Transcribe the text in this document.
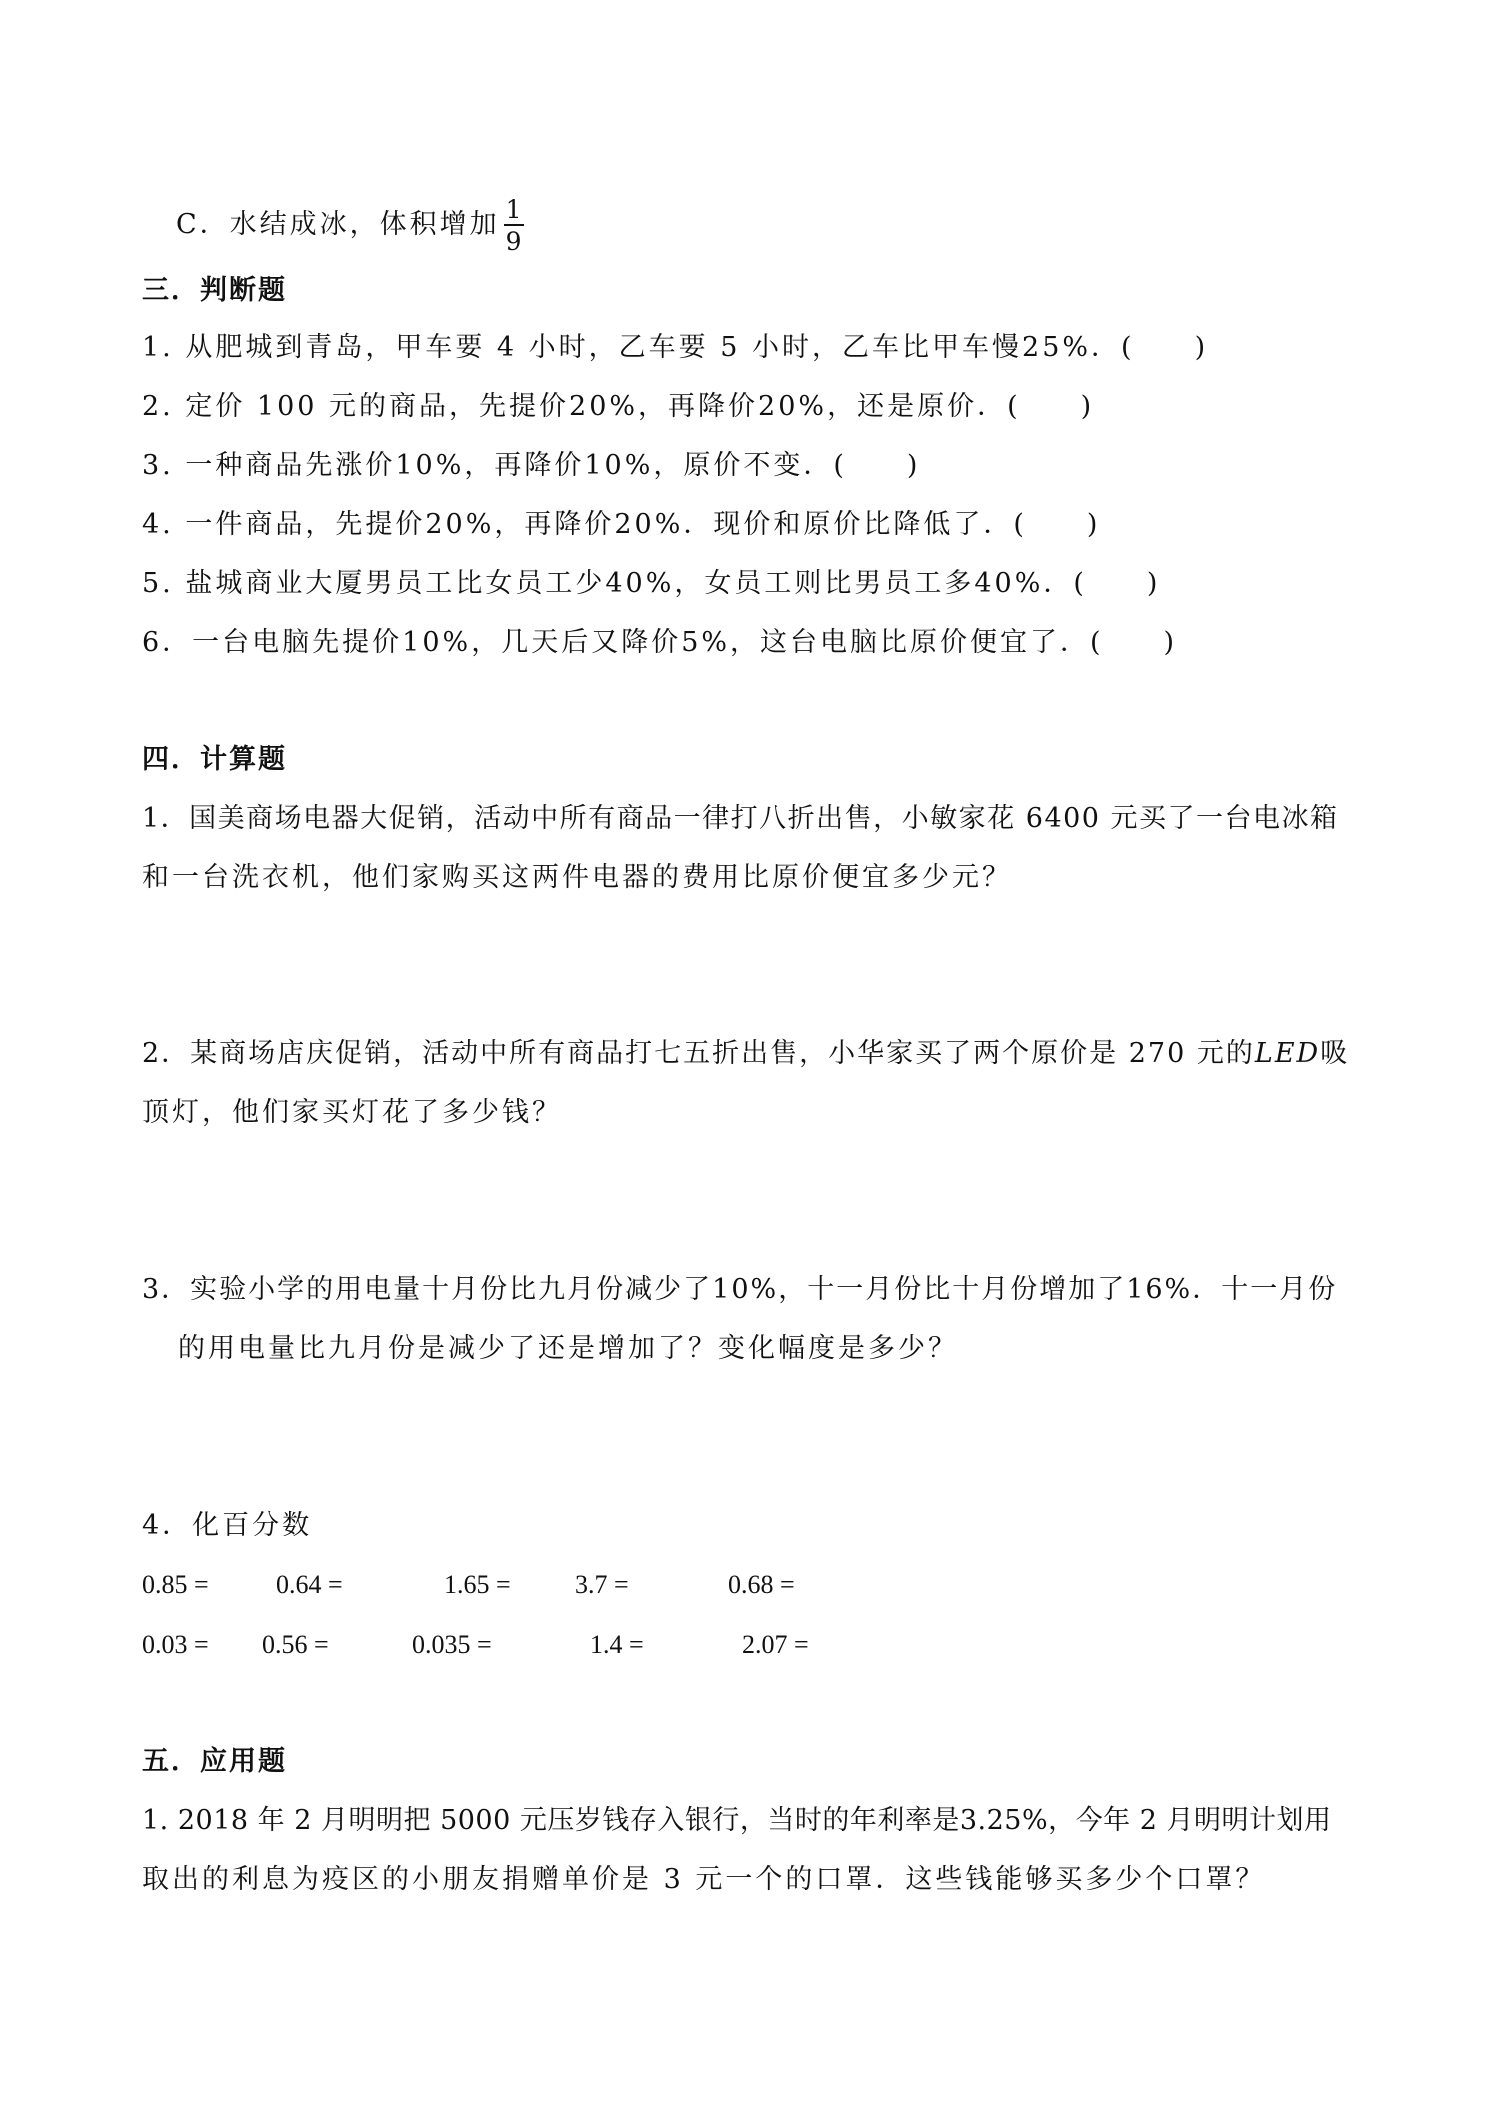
C．水结成冰，体积增加 $\frac{1}{9}$
三．判断题
1. 从肥城到青岛，甲车要 4 小时，乙车要 5 小时，乙车比甲车慢25%．(　　)
2. 定价 100 元的商品，先提价20%，再降价20%，还是原价．(　　)
3. 一种商品先涨价10%，再降价10%，原价不变．(　　)
4. 一件商品，先提价20%，再降价20%．现价和原价比降低了．(　　)
5. 盐城商业大厦男员工比女员工少40%，女员工则比男员工多40%．(　　)
6．一台电脑先提价10%，几天后又降价5%，这台电脑比原价便宜了．(　　)
四．计算题
1．国美商场电器大促销，活动中所有商品一律打八折出售，小敏家花 6400 元买了一台电冰箱
和一台洗衣机，他们家购买这两件电器的费用比原价便宜多少元？
2．某商场店庆促销，活动中所有商品打七五折出售，小华家买了两个原价是 270 元的LED吸
顶灯，他们家买灯花了多少钱？
3．实验小学的用电量十月份比九月份减少了10%，十一月份比十月份增加了16%．十一月份
的用电量比九月份是减少了还是增加了？变化幅度是多少？
4．化百分数
0.85 =	0.64 =	1.65 = 3.7 =	0.68 =
0.03 = 0.56 =	0.035 =	1.4 =	2.07 =
五．应用题
1. 2018 年 2 月明明把 5000 元压岁钱存入银行，当时的年利率是3.25%，今年 2 月明明计划用
取出的利息为疫区的小朋友捐赠单价是 3 元一个的口罩．这些钱能够买多少个口罩？
